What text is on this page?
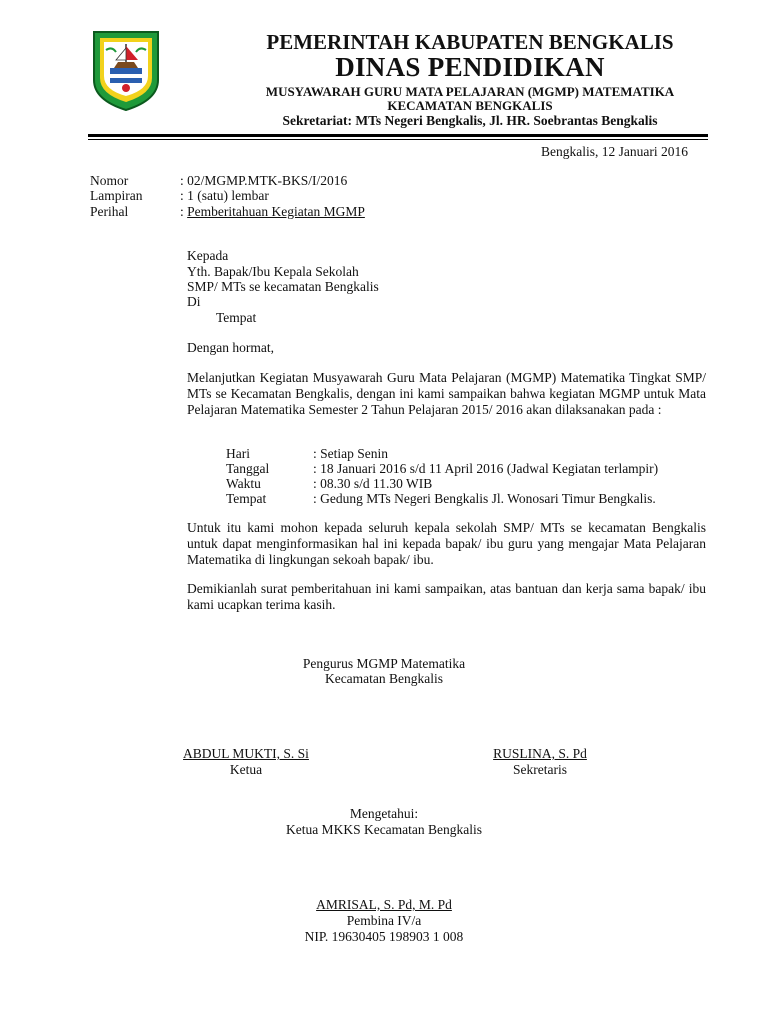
PEMERINTAH KABUPATEN BENGKALIS
DINAS PENDIDIKAN
MUSYAWARAH GURU MATA PELAJARAN (MGMP) MATEMATIKA
KECAMATAN BENGKALIS
Sekretariat: MTs Negeri Bengkalis, Jl. HR. Soebrantas Bengkalis
Bengkalis, 12 Januari 2016
Nomor	: 02/MGMP.MTK-BKS/I/2016
Lampiran	: 1 (satu) lembar
Perihal	: Pemberitahuan Kegiatan MGMP
Kepada
Yth. Bapak/Ibu Kepala Sekolah
SMP/ MTs se kecamatan Bengkalis
Di
Tempat
Dengan hormat,
Melanjutkan Kegiatan Musyawarah Guru Mata Pelajaran (MGMP) Matematika Tingkat SMP/ MTs se Kecamatan Bengkalis, dengan ini kami sampaikan bahwa kegiatan MGMP untuk Mata Pelajaran Matematika Semester 2 Tahun Pelajaran 2015/ 2016 akan dilaksanakan pada :
Hari	: Setiap Senin
Tanggal	: 18 Januari 2016 s/d 11 April 2016 (Jadwal Kegiatan terlampir)
Waktu	: 08.30 s/d 11.30 WIB
Tempat	: Gedung MTs Negeri Bengkalis Jl. Wonosari Timur Bengkalis.
Untuk itu kami mohon kepada seluruh kepala sekolah SMP/ MTs se kecamatan Bengkalis untuk dapat menginformasikan hal ini kepada bapak/ ibu guru yang mengajar Mata Pelajaran Matematika di lingkungan sekoah bapak/ ibu.
Demikianlah surat pemberitahuan ini kami sampaikan, atas bantuan dan kerja sama bapak/ ibu kami ucapkan terima kasih.
Pengurus MGMP Matematika
Kecamatan Bengkalis
ABDUL MUKTI, S. Si
Ketua
RUSLINA, S. Pd
Sekretaris
Mengetahui:
Ketua MKKS Kecamatan Bengkalis
AMRISAL, S. Pd, M. Pd
Pembina IV/a
NIP. 19630405 198903 1 008
